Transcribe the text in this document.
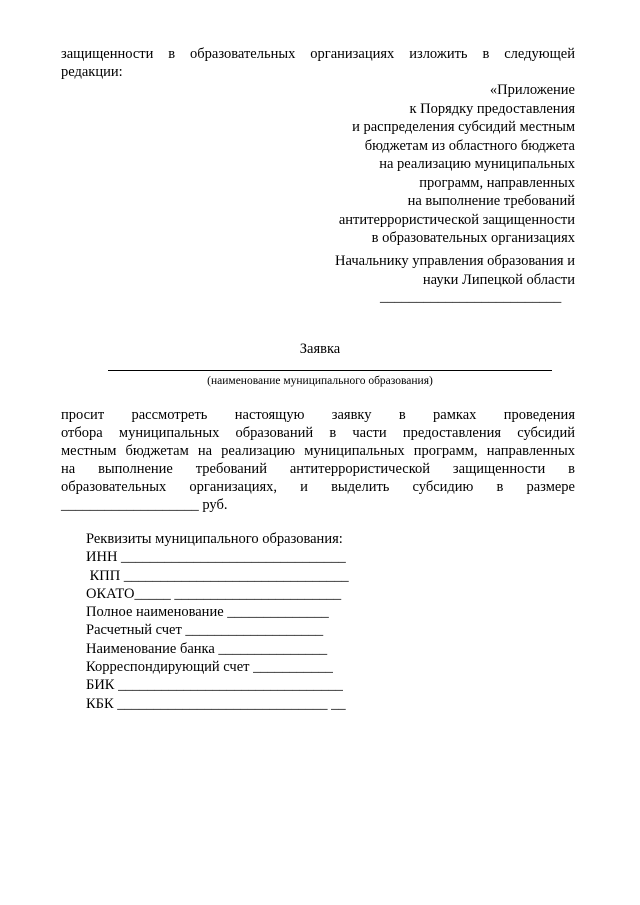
защищенности в образовательных организациях изложить в следующей
редакции:
«Приложение
к Порядку предоставления
и распределения субсидий местным
бюджетам из областного бюджета
на реализацию муниципальных
программ, направленных
на выполнение требований
антитеррористической защищенности
в образовательных организациях
Начальнику управления образования и
науки Липецкой области
_________________________
Заявка
(наименование муниципального образования)
просит рассмотреть настоящую заявку в рамках проведения
отбора муниципальных образований в части предоставления субсидий
местным бюджетам на реализацию муниципальных программ, направленных
на выполнение требований антитеррористической защищенности в
образовательных организациях, и выделить субсидию в размере
___________________ руб.
Реквизиты муниципального образования:
ИНН _______________________________
КПП _______________________________
ОКАТО_____ _______________________
Полное наименование ______________
Расчетный счет ___________________
Наименование банка _______________
Корреспондирующий счет ___________
БИК _______________________________
КБК _____________________________ __
